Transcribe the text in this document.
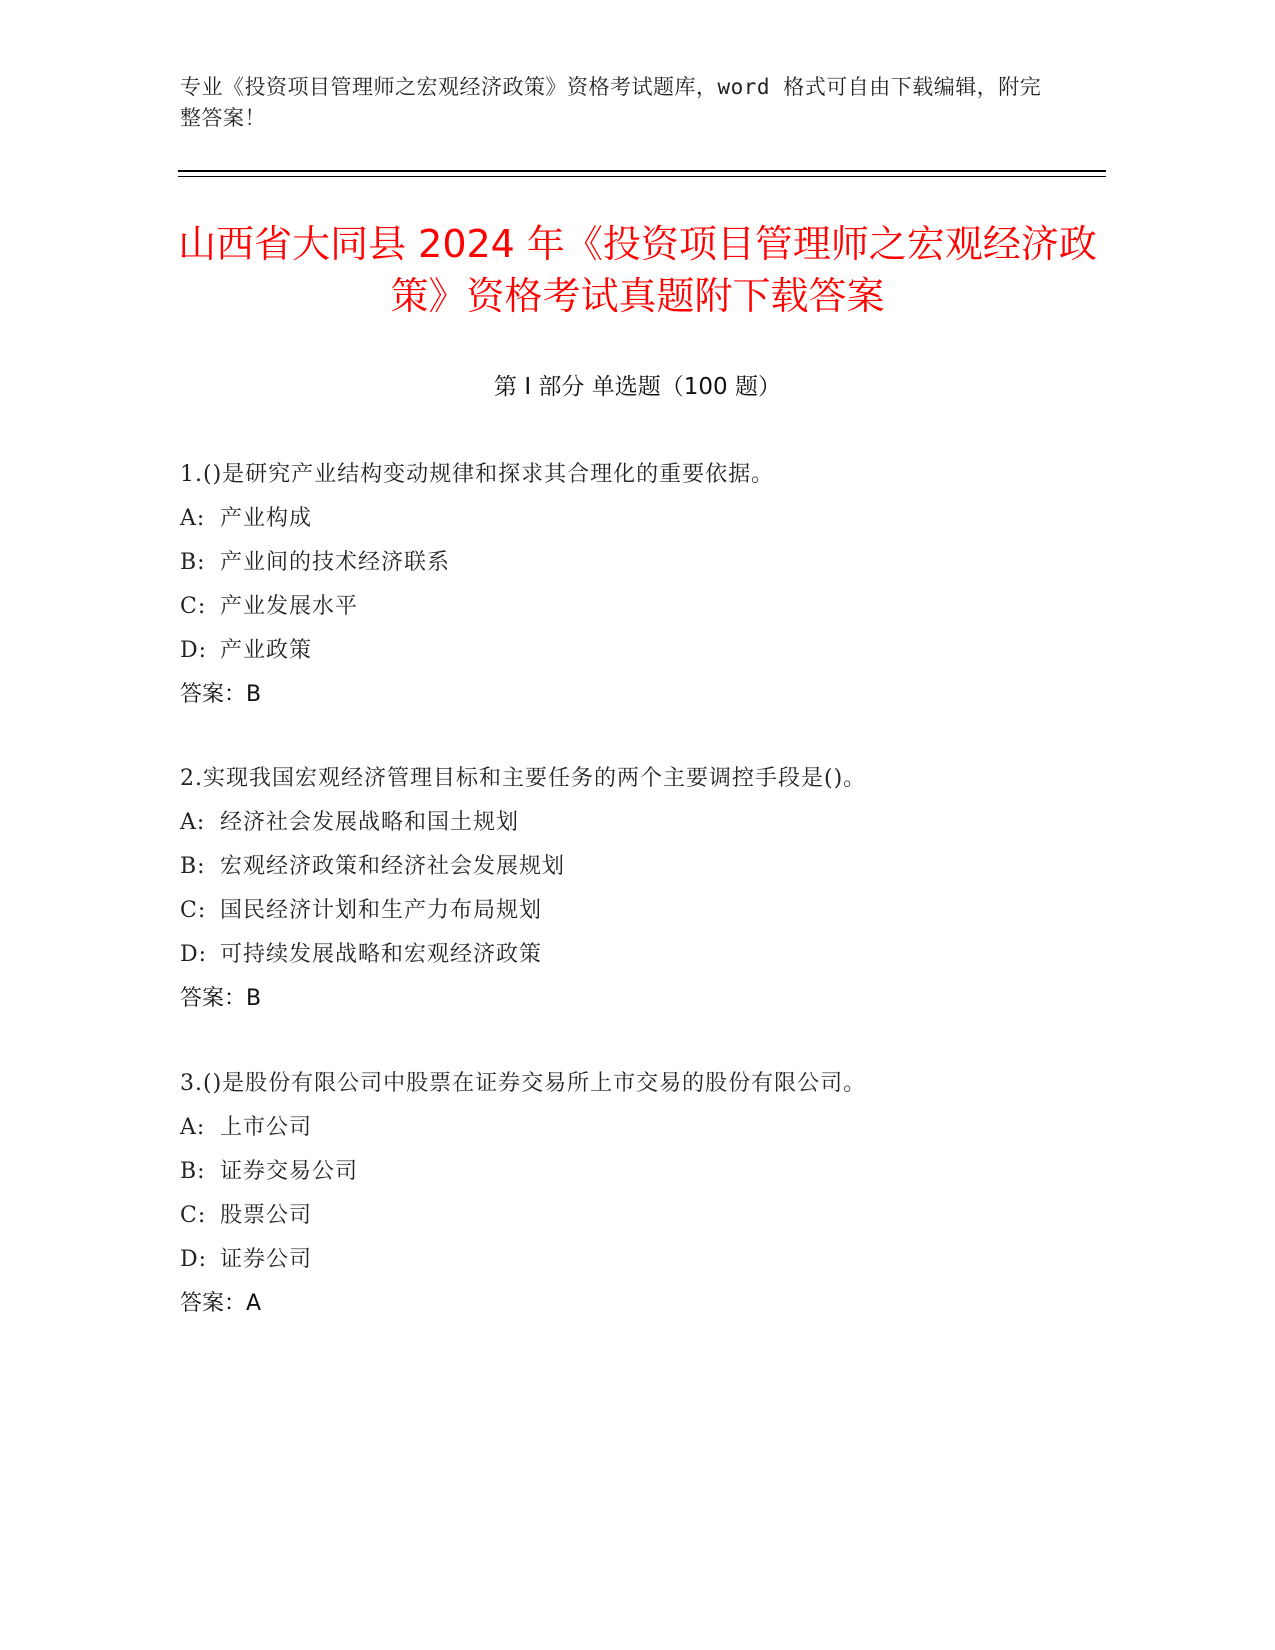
专业《投资项目管理师之宏观经济政策》资格考试题库，word 格式可自由下载编辑，附完整答案！
山西省大同县 2024 年《投资项目管理师之宏观经济政策》资格考试真题附下载答案
第 I 部分 单选题（100 题）
1.()是研究产业结构变动规律和探求其合理化的重要依据。
A: 产业构成
B: 产业间的技术经济联系
C: 产业发展水平
D: 产业政策
答案：B
2.实现我国宏观经济管理目标和主要任务的两个主要调控手段是()。
A: 经济社会发展战略和国土规划
B: 宏观经济政策和经济社会发展规划
C: 国民经济计划和生产力布局规划
D: 可持续发展战略和宏观经济政策
答案：B
3.()是股份有限公司中股票在证券交易所上市交易的股份有限公司。
A: 上市公司
B: 证券交易公司
C: 股票公司
D: 证券公司
答案：A
